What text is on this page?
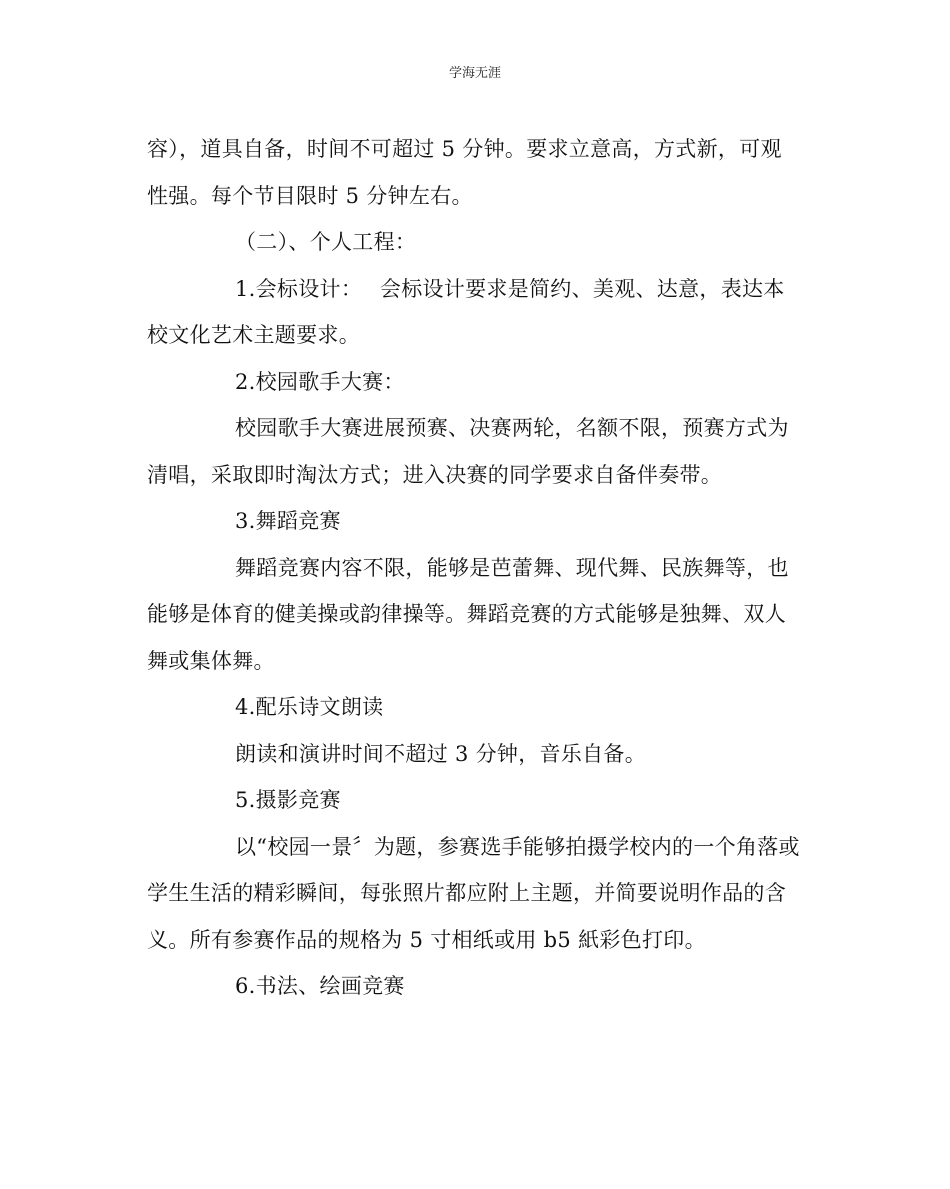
学海无涯

容），道具自备，时间不可超过 5 分钟。要求立意高，方式新，可观性强。每个节目限时 5 分钟左右。

（二）、个人工程：

1.会标设计：　 会标设计要求是简约、美观、达意，表达本校文化艺术主题要求。

2.校园歌手大赛：

校园歌手大赛进展预赛、决赛两轮，名额不限，预赛方式为清唱，采取即时淘汰方式；进入决赛的同学要求自备伴奏带。

3.舞蹈竞赛

舞蹈竞赛内容不限，能够是芭蕾舞、现代舞、民族舞等，也能够是体育的健美操或韵律操等。舞蹈竞赛的方式能够是独舞、双人舞或集体舞。

4.配乐诗文朗读

朗读和演讲时间不超过 3 分钟，音乐自备。

5.摄影竞赛

以“校园一景〞为题，参赛选手能够拍摄学校内的一个角落或学生生活的精彩瞬间，每张照片都应附上主题，并简要说明作品的含义。所有参赛作品的规格为 5 寸相纸或用 b5 紙彩色打印。

6.书法、绘画竞赛
